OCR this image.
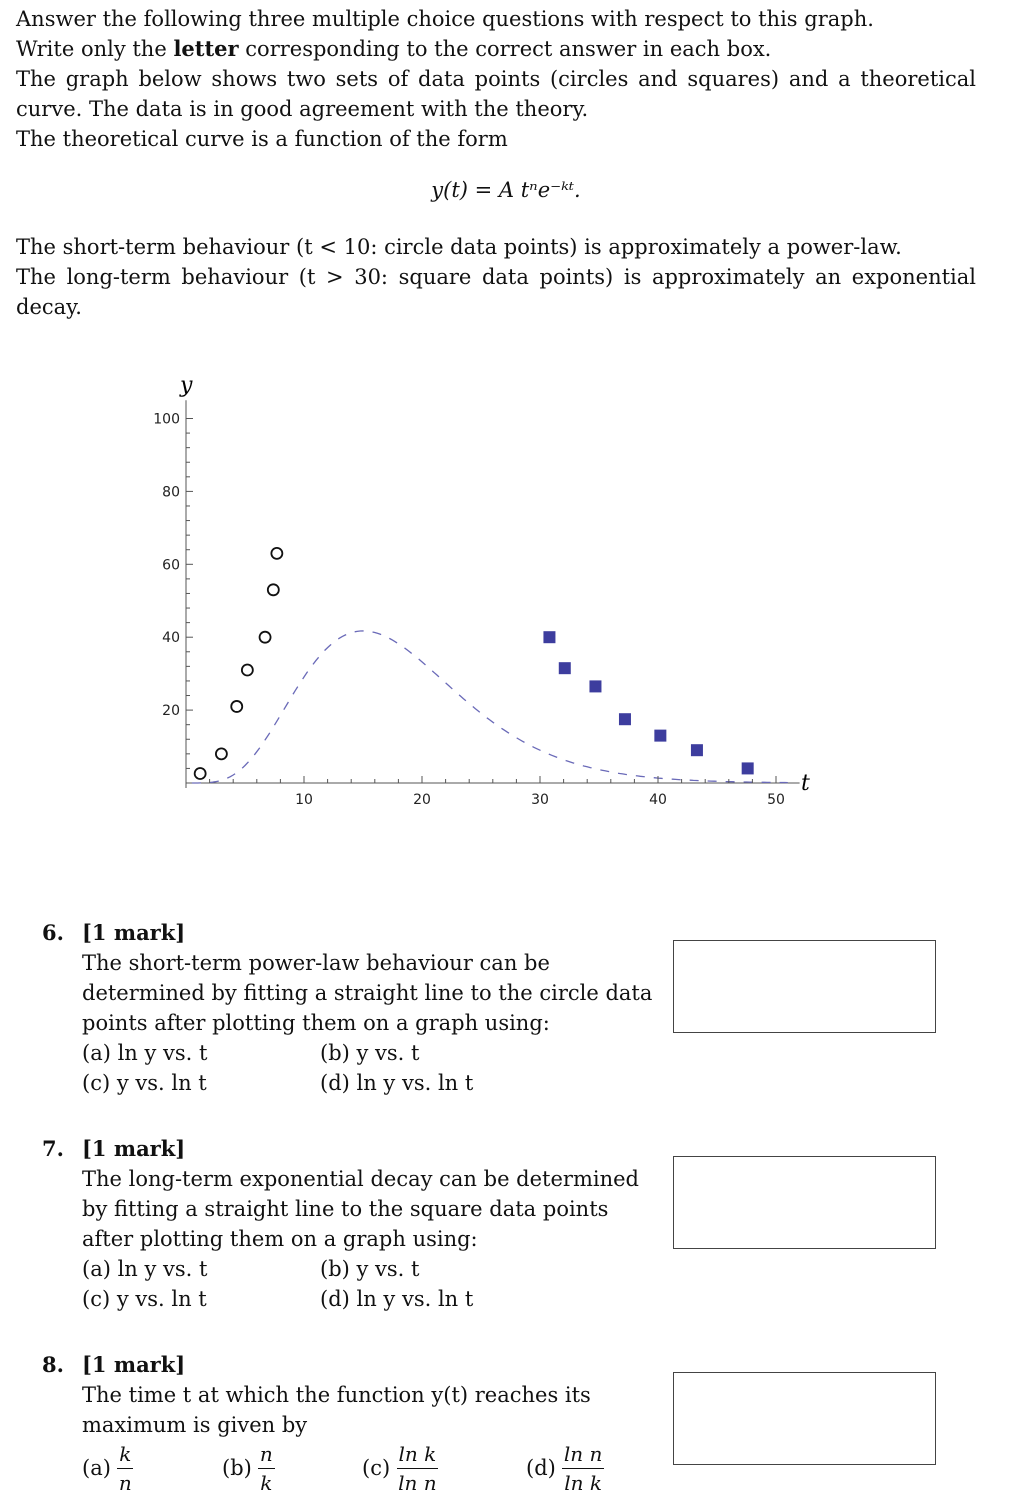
Answer the following three multiple choice questions with respect to this graph.
Write only the letter corresponding to the correct answer in each box.
The graph below shows two sets of data points (circles and squares) and a theoretical curve. The data is in good agreement with the theory.
The theoretical curve is a function of the form
y(t) = A tⁿe⁻ᵏᵗ.
The short-term behaviour (t < 10: circle data points) is approximately a power-law.
The long-term behaviour (t > 30: square data points) is approximately an exponential decay.
10	20	30	40	50
20
40
60
80
100
t
y
6. [1 mark]
The short-term power-law behaviour can be determined by fitting a straight line to the circle data points after plotting them on a graph using:
(a) ln y vs. t	(b) y vs. t
(c) y vs. ln t	(d) ln y vs. ln t
7. [1 mark]
The long-term exponential decay can be determined by fitting a straight line to the square data points after plotting them on a graph using:
(a) ln y vs. t	(b) y vs. t
(c) y vs. ln t	(d) ln y vs. ln t
8. [1 mark]
The time t at which the function y(t) reaches its maximum is given by
$(a) \frac{k}{n}$	$(b) \frac{n}{k}$	$(c) \frac{\text{ln k}}{\text{ln n}}$	$(d) \frac{\text{ln n}}{\text{ln k}}$
